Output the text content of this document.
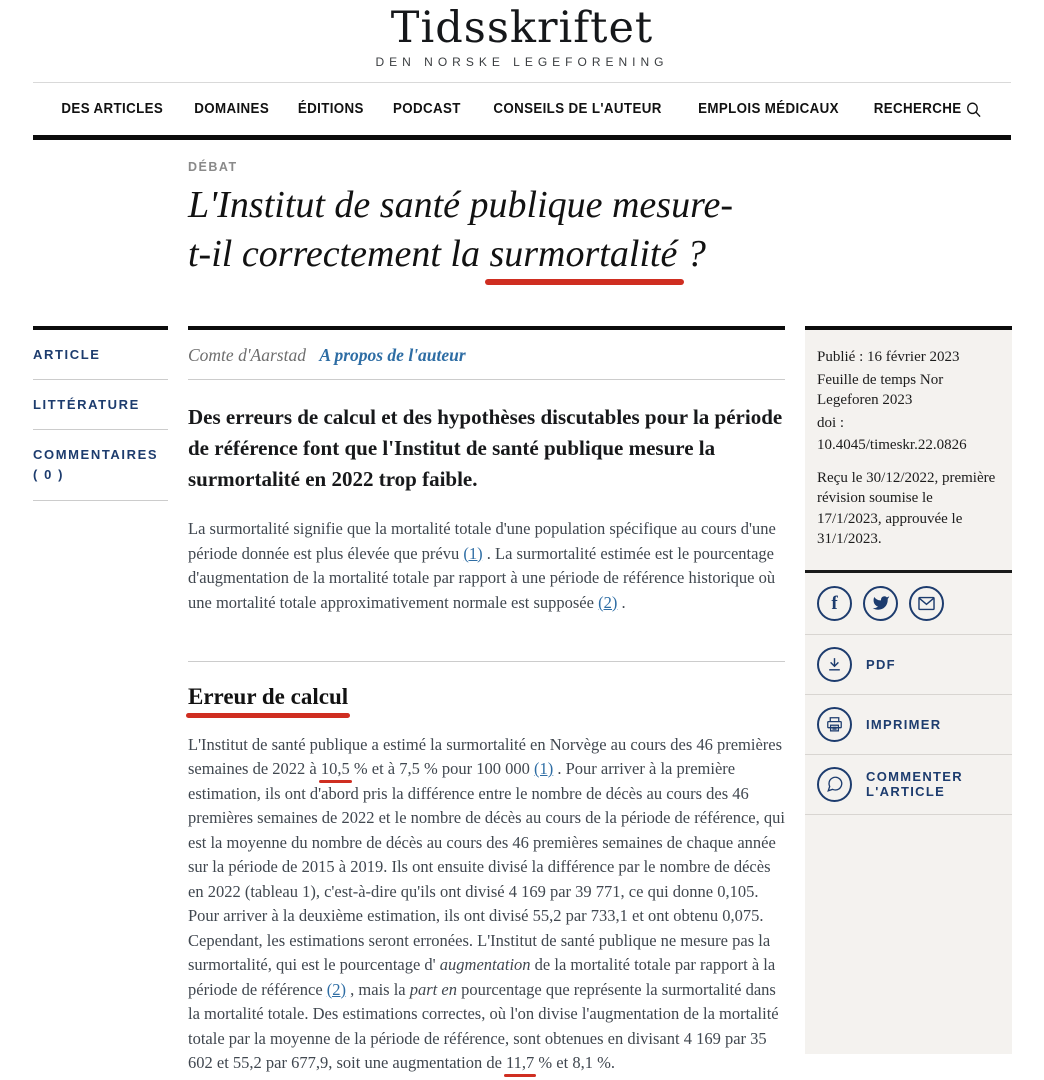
Tidsskriftet
DEN NORSKE LEGEFORENING
DES ARTICLES DOMAINES ÉDITIONS PODCAST CONSEILS DE L'AUTEUR	EMPLOIS MÉDICAUX RECHERCHE
DÉBAT
L'Institut de santé publique mesure-
t-il correctement la surmortalité ?
ARTICLE
LITTÉRATURE
COMMENTAIRES ( 0 )
Comte d'Aarstad A propos de l'auteur

Des erreurs de calcul et des hypothèses discutables pour la période de référence font que l'Institut de santé publique mesure la surmortalité en 2022 trop faible.

La surmortalité signifie que la mortalité totale d'une population spécifique au cours d'une période donnée est plus élevée que prévu (1) . La surmortalité estimée est le pourcentage d'augmentation de la mortalité totale par rapport à une période de référence historique où une mortalité totale approximativement normale est supposée (2) .

Erreur de calcul

L'Institut de santé publique a estimé la surmortalité en Norvège au cours des 46 premières semaines de 2022 à 10,5 % et à 7,5 % pour 100 000 (1) . Pour arriver à la première estimation, ils ont d'abord pris la différence entre le nombre de décès au cours des 46 premières semaines de 2022 et le nombre de décès au cours de la période de référence, qui est la moyenne du nombre de décès au cours des 46 premières semaines de chaque année sur la période de 2015 à 2019. Ils ont ensuite divisé la différence par le nombre de décès en 2022 (tableau 1), c'est-à-dire qu'ils ont divisé 4 169 par 39 771, ce qui donne 0,105. Pour arriver à la deuxième estimation, ils ont divisé 55,2 par 733,1 et ont obtenu 0,075. Cependant, les estimations seront erronées. L'Institut de santé publique ne mesure pas la surmortalité, qui est le pourcentage d' augmentation de la mortalité totale par rapport à la période de référence (2) , mais la part en pourcentage que représente la surmortalité dans la mortalité totale. Des estimations correctes, où l'on divise l'augmentation de la mortalité totale par la moyenne de la période de référence, sont obtenues en divisant 4 169 par 35 602 et 55,2 par 677,9, soit une augmentation de 11,7 % et 8,1 %.

Publié : 16 février 2023
Feuille de temps Nor Legeforen 2023
doi :
10.4045/timeskr.22.0826
Reçu le 30/12/2022, première révision soumise le 17/1/2023, approuvée le 31/1/2023.
f
PDF
IMPRIMER
COMMENTER L'ARTICLE
